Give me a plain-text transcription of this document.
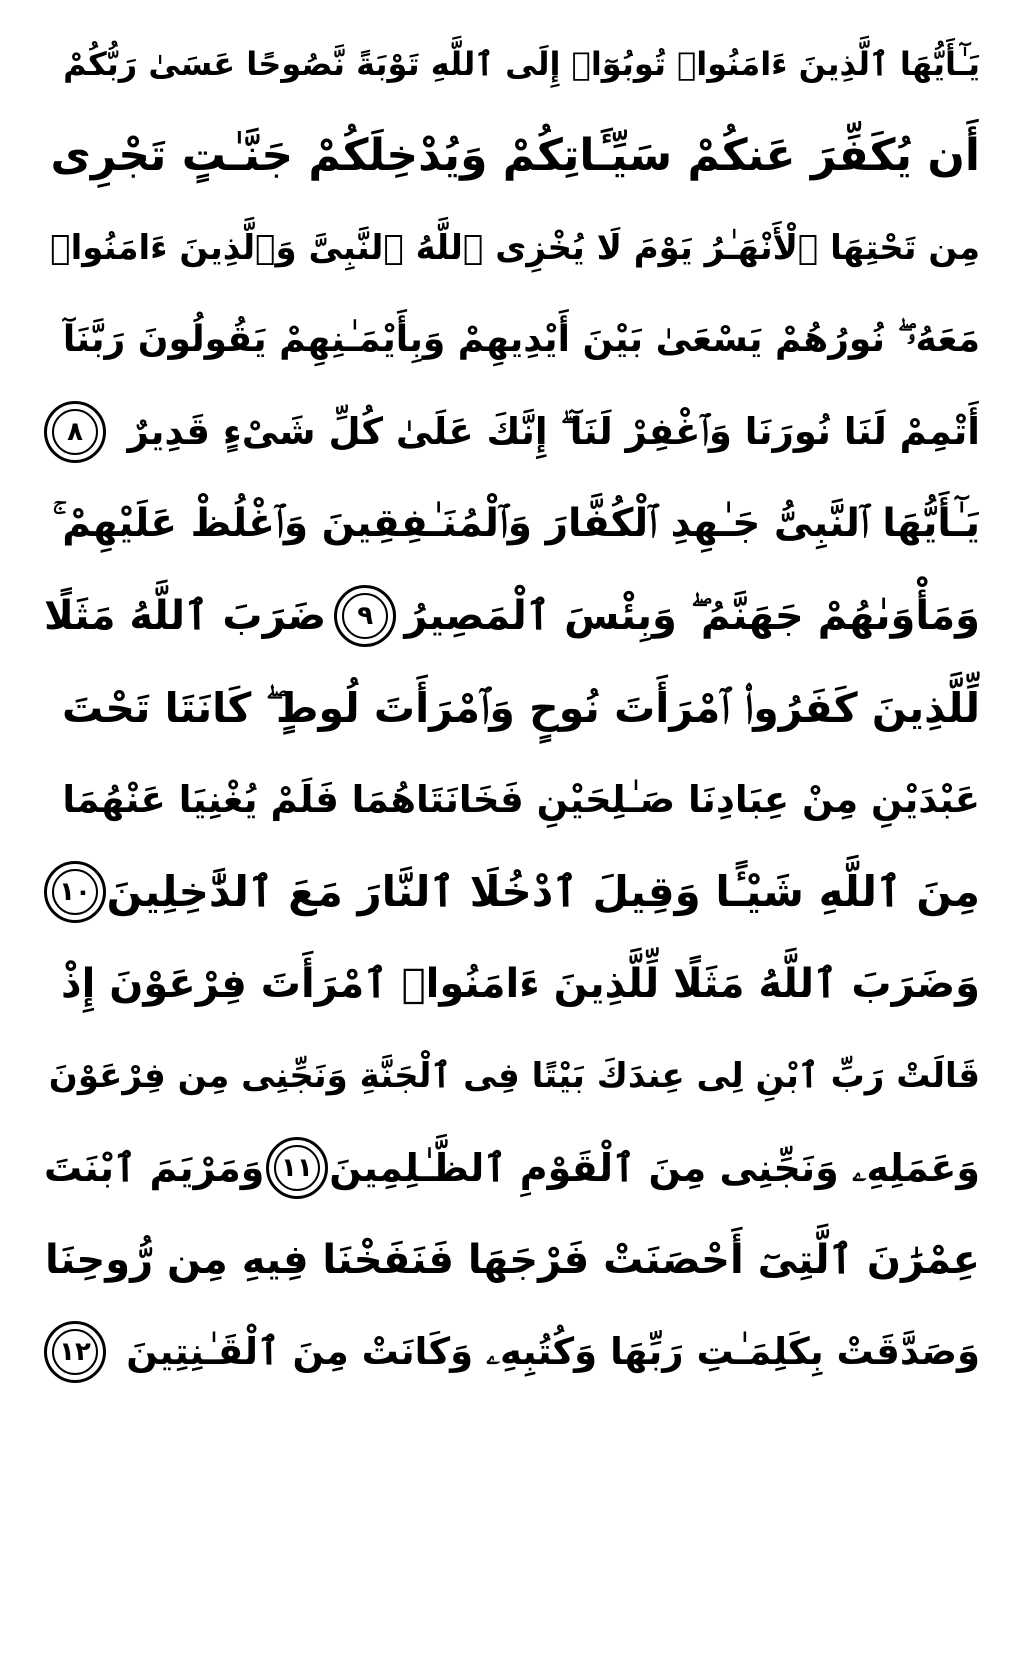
يَـٰٓأَيُّهَا ٱلَّذِينَ ءَامَنُوا۟ تُوبُوٓا۟ إِلَى ٱللَّهِ تَوْبَةً نَّصُوحًا عَسَىٰ رَبُّكُمْ
أَن يُكَفِّرَ عَنكُمْ سَيِّـَٔاتِكُمْ وَيُدْخِلَكُمْ جَنَّـٰتٍ تَجْرِى
مِن تَحْتِهَا ٱلْأَنْهَـٰرُ يَوْمَ لَا يُخْزِى ٱللَّهُ ٱلنَّبِىَّ وَٱلَّذِينَ ءَامَنُوا۟
مَعَهُۥ ۖ نُورُهُمْ يَسْعَىٰ بَيْنَ أَيْدِيهِمْ وَبِأَيْمَـٰنِهِمْ يَقُولُونَ رَبَّنَآ
أَتْمِمْ لَنَا نُورَنَا وَٱغْفِرْ لَنَآ ۖ إِنَّكَ عَلَىٰ كُلِّ شَىْءٍ قَدِيرٌ
٨
يَـٰٓأَيُّهَا ٱلنَّبِىُّ جَـٰهِدِ ٱلْكُفَّارَ وَٱلْمُنَـٰفِقِينَ وَٱغْلُظْ عَلَيْهِمْ ۚ
وَمَأْوَىٰهُمْ جَهَنَّمُ ۖ وَبِئْسَ ٱلْمَصِيرُ
٩
ضَرَبَ ٱللَّهُ مَثَلًا
لِّلَّذِينَ كَفَرُوا۟ ٱمْرَأَتَ نُوحٍ وَٱمْرَأَتَ لُوطٍ ۖ كَانَتَا تَحْتَ
عَبْدَيْنِ مِنْ عِبَادِنَا صَـٰلِحَيْنِ فَخَانَتَاهُمَا فَلَمْ يُغْنِيَا عَنْهُمَا
مِنَ ٱللَّهِ شَيْـًٔا وَقِيلَ ٱدْخُلَا ٱلنَّارَ مَعَ ٱلدَّٰخِلِينَ
١٠
وَضَرَبَ ٱللَّهُ مَثَلًا لِّلَّذِينَ ءَامَنُوا۟ ٱمْرَأَتَ فِرْعَوْنَ إِذْ
قَالَتْ رَبِّ ٱبْنِ لِى عِندَكَ بَيْتًا فِى ٱلْجَنَّةِ وَنَجِّنِى مِن فِرْعَوْنَ
وَعَمَلِهِۦ وَنَجِّنِى مِنَ ٱلْقَوْمِ ٱلظَّـٰلِمِينَ
١١
وَمَرْيَمَ ٱبْنَتَ
عِمْرَٰنَ ٱلَّتِىٓ أَحْصَنَتْ فَرْجَهَا فَنَفَخْنَا فِيهِ مِن رُّوحِنَا
وَصَدَّقَتْ بِكَلِمَـٰتِ رَبِّهَا وَكُتُبِهِۦ وَكَانَتْ مِنَ ٱلْقَـٰنِتِينَ
١٢
